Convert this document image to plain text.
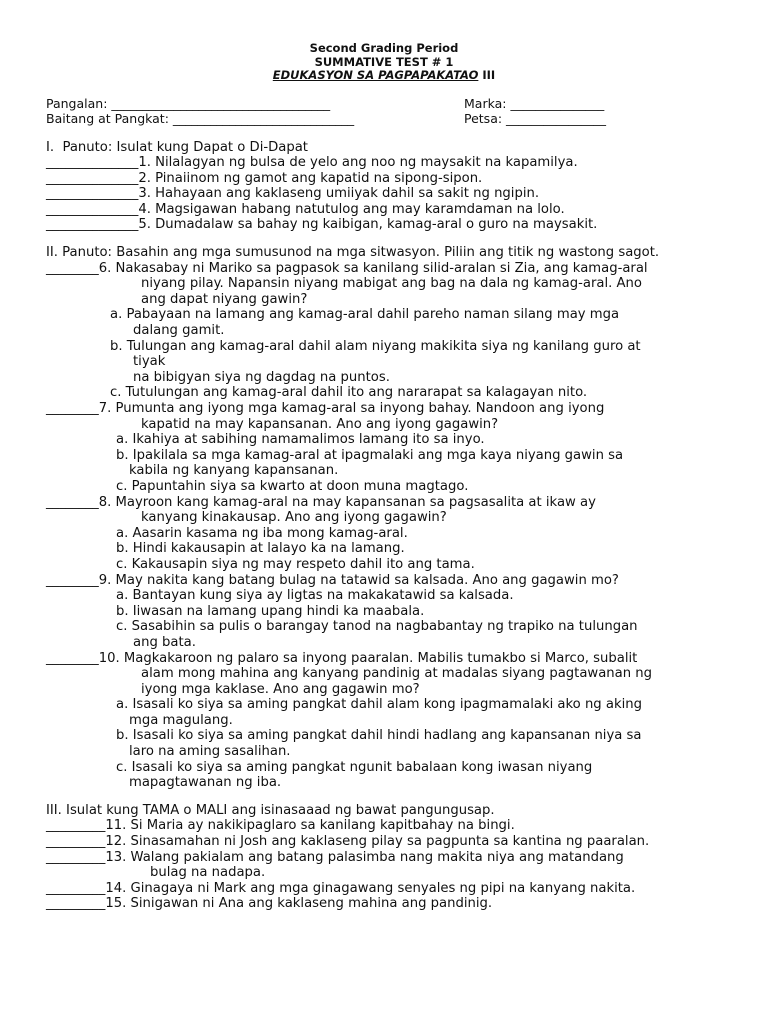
Second Grading Period
SUMMATIVE TEST # 1
EDUKASYON SA PAGPAPAKATAO III
Pangalan: ___________________________________	Marka: _______________
Baitang at Pangkat: _____________________________	Petsa: ________________
I.  Panuto: Isulat kung Dapat o Di-Dapat
______________1. Nilalagyan ng bulsa de yelo ang noo ng maysakit na kapamilya.
______________2. Pinaiinom ng gamot ang kapatid na sipong-sipon.
______________3. Hahayaan ang kaklaseng umiiyak dahil sa sakit ng ngipin.
______________4. Magsigawan habang natutulog ang may karamdaman na lolo.
______________5. Dumadalaw sa bahay ng kaibigan, kamag-aral o guro na maysakit.
II. Panuto: Basahin ang mga sumusunod na mga sitwasyon. Piliin ang titik ng wastong sagot.
________6. Nakasabay ni Mariko sa pagpasok sa kanilang silid-aralan si Zia, ang kamag-aral
niyang pilay. Napansin niyang mabigat ang bag na dala ng kamag-aral. Ano
ang dapat niyang gawin?
a. Pabayaan na lamang ang kamag-aral dahil pareho naman silang may mga
dalang gamit.
b. Tulungan ang kamag-aral dahil alam niyang makikita siya ng kanilang guro at
tiyak
na bibigyan siya ng dagdag na puntos.
c. Tutulungan ang kamag-aral dahil ito ang nararapat sa kalagayan nito.
________7. Pumunta ang iyong mga kamag-aral sa inyong bahay. Nandoon ang iyong
kapatid na may kapansanan. Ano ang iyong gagawin?
a. Ikahiya at sabihing namamalimos lamang ito sa inyo.
b. Ipakilala sa mga kamag-aral at ipagmalaki ang mga kaya niyang gawin sa
kabila ng kanyang kapansanan.
c. Papuntahin siya sa kwarto at doon muna magtago.
________8. Mayroon kang kamag-aral na may kapansanan sa pagsasalita at ikaw ay
kanyang kinakausap. Ano ang iyong gagawin?
a. Aasarin kasama ng iba mong kamag-aral.
b. Hindi kakausapin at lalayo ka na lamang.
c. Kakausapin siya ng may respeto dahil ito ang tama.
________9. May nakita kang batang bulag na tatawid sa kalsada. Ano ang gagawin mo?
a. Bantayan kung siya ay ligtas na makakatawid sa kalsada.
b. Iiwasan na lamang upang hindi ka maabala.
c. Sasabihin sa pulis o barangay tanod na nagbabantay ng trapiko na tulungan
ang bata.
________10. Magkakaroon ng palaro sa inyong paaralan. Mabilis tumakbo si Marco, subalit
alam mong mahina ang kanyang pandinig at madalas siyang pagtawanan ng
iyong mga kaklase. Ano ang gagawin mo?
a. Isasali ko siya sa aming pangkat dahil alam kong ipagmamalaki ako ng aking
mga magulang.
b. Isasali ko siya sa aming pangkat dahil hindi hadlang ang kapansanan niya sa
laro na aming sasalihan.
c. Isasali ko siya sa aming pangkat ngunit babalaan kong iwasan niyang
mapagtawanan ng iba.
III. Isulat kung TAMA o MALI ang isinasaaad ng bawat pangungusap.
_________11. Si Maria ay nakikipaglaro sa kanilang kapitbahay na bingi.
_________12. Sinasamahan ni Josh ang kaklaseng pilay sa pagpunta sa kantina ng paaralan.
_________13. Walang pakialam ang batang palasimba nang makita niya ang matandang
bulag na nadapa.
_________14. Ginagaya ni Mark ang mga ginagawang senyales ng pipi na kanyang nakita.
_________15. Sinigawan ni Ana ang kaklaseng mahina ang pandinig.
